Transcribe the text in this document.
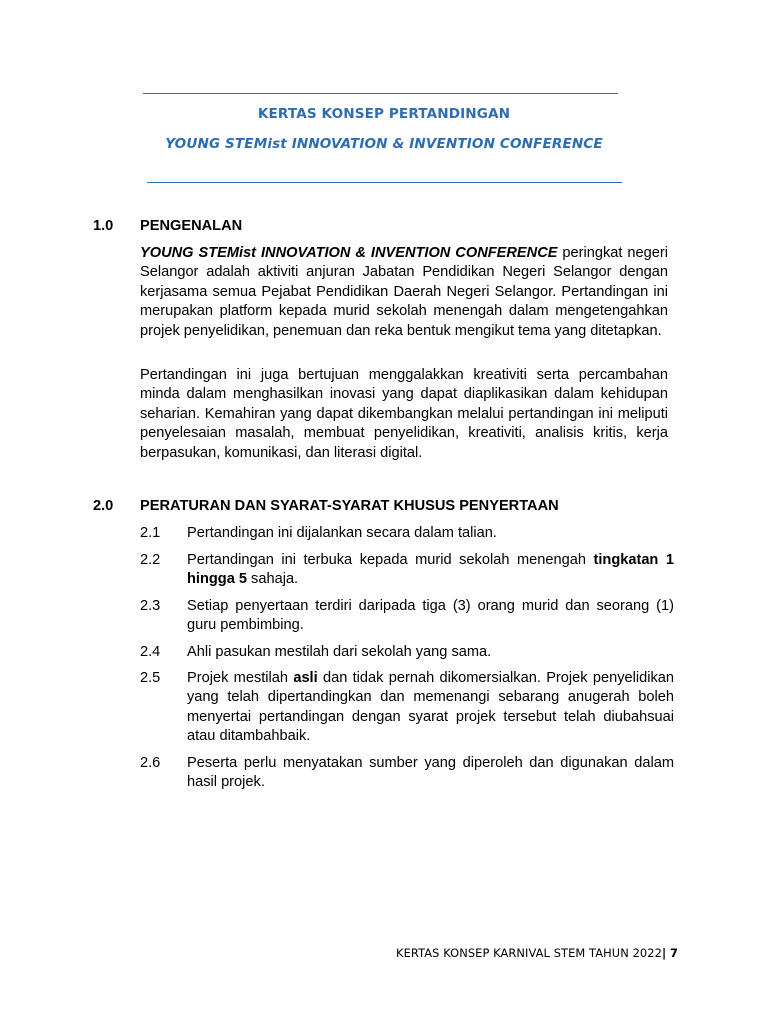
KERTAS KONSEP PERTANDINGAN
YOUNG STEMist INNOVATION & INVENTION CONFERENCE
1.0 PENGENALAN
YOUNG STEMist INNOVATION & INVENTION CONFERENCE peringkat negeri Selangor adalah aktiviti anjuran Jabatan Pendidikan Negeri Selangor dengan kerjasama semua Pejabat Pendidikan Daerah Negeri Selangor. Pertandingan ini merupakan platform kepada murid sekolah menengah dalam mengetengahkan projek penyelidikan, penemuan dan reka bentuk mengikut tema yang ditetapkan.
Pertandingan ini juga bertujuan menggalakkan kreativiti serta percambahan minda dalam menghasilkan inovasi yang dapat diaplikasikan dalam kehidupan seharian. Kemahiran yang dapat dikembangkan melalui pertandingan ini meliputi penyelesaian masalah, membuat penyelidikan, kreativiti, analisis kritis, kerja berpasukan, komunikasi, dan literasi digital.
2.0 PERATURAN DAN SYARAT-SYARAT KHUSUS PENYERTAAN
2.1 Pertandingan ini dijalankan secara dalam talian.
2.2 Pertandingan ini terbuka kepada murid sekolah menengah tingkatan 1 hingga 5 sahaja.
2.3 Setiap penyertaan terdiri daripada tiga (3) orang murid dan seorang (1) guru pembimbing.
2.4 Ahli pasukan mestilah dari sekolah yang sama.
2.5 Projek mestilah asli dan tidak pernah dikomersialkan. Projek penyelidikan yang telah dipertandingkan dan memenangi sebarang anugerah boleh menyertai pertandingan dengan syarat projek tersebut telah diubahsuai atau ditambahbaik.
2.6 Peserta perlu menyatakan sumber yang diperoleh dan digunakan dalam hasil projek.
KERTAS KONSEP KARNIVAL STEM TAHUN 2022| 7
